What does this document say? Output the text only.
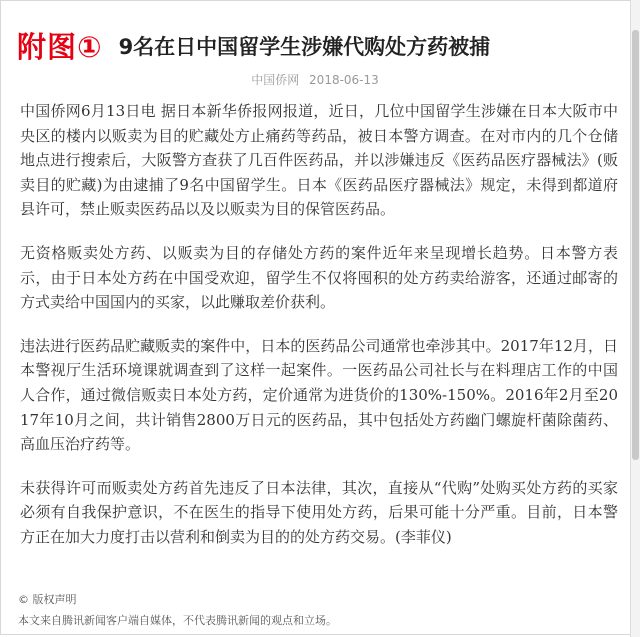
附图① 9名在日中国留学生涉嫌代购处方药被捕
中国侨网 2018-06-13

中国侨网6月13日电 据日本新华侨报网报道，近日，几位中国留学生涉嫌在日本大阪市中央区的楼内以贩卖为目的贮藏处方止痛药等药品，被日本警方调查。在对市内的几个仓储地点进行搜索后，大阪警方查获了几百件医药品，并以涉嫌违反《医药品医疗器械法》(贩卖目的贮藏)为由逮捕了9名中国留学生。日本《医药品医疗器械法》规定，未得到都道府县许可，禁止贩卖医药品以及以贩卖为目的保管医药品。

无资格贩卖处方药、以贩卖为目的存储处方药的案件近年来呈现增长趋势。日本警方表示，由于日本处方药在中国受欢迎，留学生不仅将囤积的处方药卖给游客，还通过邮寄的方式卖给中国国内的买家，以此赚取差价获利。

违法进行医药品贮藏贩卖的案件中，日本的医药品公司通常也牵涉其中。2017年12月，日本警视厅生活环境课就调查到了这样一起案件。一医药品公司社长与在料理店工作的中国人合作，通过微信贩卖日本处方药，定价通常为进货价的130%-150%。2016年2月至2017年10月之间，共计销售2800万日元的医药品，其中包括处方药幽门螺旋杆菌除菌药、高血压治疗药等。

未获得许可而贩卖处方药首先违反了日本法律，其次，直接从“代购”处购买处方药的买家必须有自我保护意识，不在医生的指导下使用处方药，后果可能十分严重。目前，日本警方正在加大力度打击以营利和倒卖为目的的处方药交易。(李菲仪)

© 版权声明
本文来自腾讯新闻客户端自媒体，不代表腾讯新闻的观点和立场。
